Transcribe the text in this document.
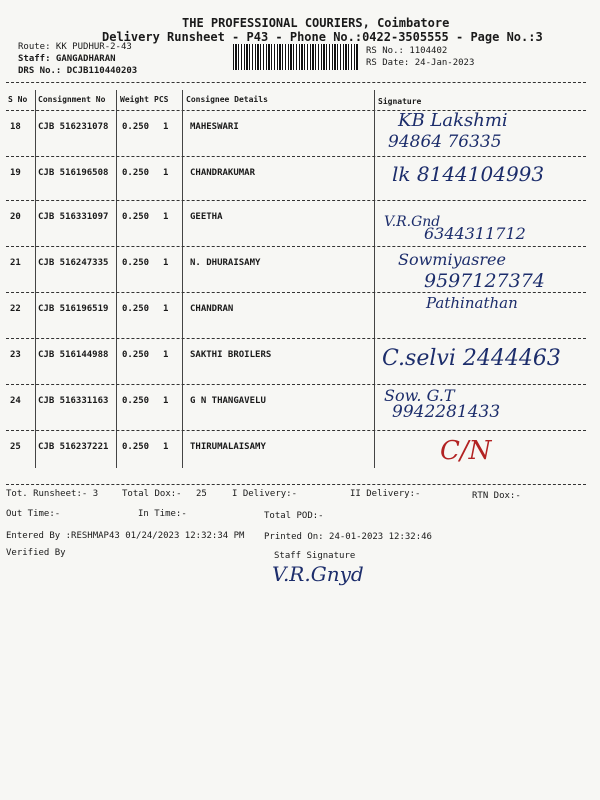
THE PROFESSIONAL COURIERS, Coimbatore
Delivery Runsheet - P43 - Phone No.:0422-3505555 - Page No.:3
Route: KK PUDHUR-2-43
Staff: GANGADHARAN
DRS No.: DCJB110440203
RS No.: 1104402
RS Date: 24-Jan-2023
S No Consignment No Weight PCS Consignee Details	Signature
18 CJB 516231078 0.250 1 MAHESWARI	KB Lakshmi
94864 76335
19 CJB 516196508 0.250 1 CHANDRAKUMAR	lk 8144104993
20 CJB 516331097 0.250 1 GEETHA	V.R.Gnd
6344311712
21 CJB 516247335 0.250 1 N. DHURAISAMY	Sowmiyasree
9597127374
22 CJB 516196519 0.250 1 CHANDRAN	Pathinathan
23 CJB 516144988 0.250 1 SAKTHI BROILERS	C.selvi 2444463
24 CJB 516331163 0.250 1 G N THANGAVELU	Sow. G.T
9942281433
25 CJB 516237221 0.250 1 THIRUMALAISAMY	C/N
Tot. Runsheet:- 3	Total Dox:- 25	I Delivery:-	II Delivery:-	RTN Dox:-
Out Time:-	In Time:-	Total POD:-
Entered By :RESHMAP43 01/24/2023 12:32:34 PM Printed On: 24-01-2023 12:32:46
Verified By	Staff Signature
V.R.Gnyd
